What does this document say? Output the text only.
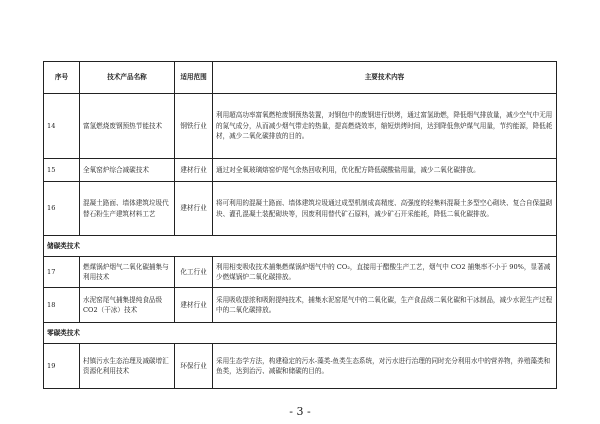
序号	技术产品名称	适用范围	主要技术内容
14	富氢燃烧废钢预热节能技术	钢铁行业	利用超高功率富氧燃枪废钢预热装置，对钢包中的废钢进行烘烤，通过富氢助燃，降低烟气排放量，减少空气中无用的氮气成分，从而减少烟气带走的热量，提高燃烧效率，缩短烘烤时间，达到降低焦炉煤气用量，节约能源，降低耗材，减少二氧化碳排放的目的。
15	全氧窑炉综合减碳技术	建材行业	通过对全氧玻璃熔窑炉尾气余热回收利用，优化配方降低碳酸盐用量，减少二氧化碳排放。
16	混凝土路面、墙体建筑垃圾代替石粉生产建筑材料工艺	建材行业	将可利用的混凝土路面、墙体建筑垃圾通过成型机制成高精度、高强度的轻集料混凝土多型空心砌块、复合自保温砌块、灌孔混凝土装配砌块等，因废利用替代矿石原料，减少矿石开采能耗，降低二氧化碳排放。
储碳类技术			
17	燃煤锅炉烟气二氧化碳捕集与利用技术	化工行业	利用相变吸收技术捕集燃煤锅炉烟气中的 CO₂，直接用于醋酸生产工艺，烟气中 CO2 捕集率不小于 90%，显著减少燃煤锅炉二氧化碳排放。
18	水泥窑尾气捕集提纯食品级 CO2（干冰）技术	建材行业	采用吸收提浓和吸附提纯技术，捕集水泥窑尾气中的二氧化碳，生产食品级二氧化碳和干冰制品，减少水泥生产过程中的二氧化碳排放。
零碳类技术			
19	村镇污水生态治理及减碳增汇资源化利用技术	环保行业	采用生态学方法，构建稳定的污水-藻类-鱼类生态系统，对污水进行治理的同时充分利用水中的营养物，养殖藻类和鱼类，达到治污、减碳和储碳的目的。
- 3 -
